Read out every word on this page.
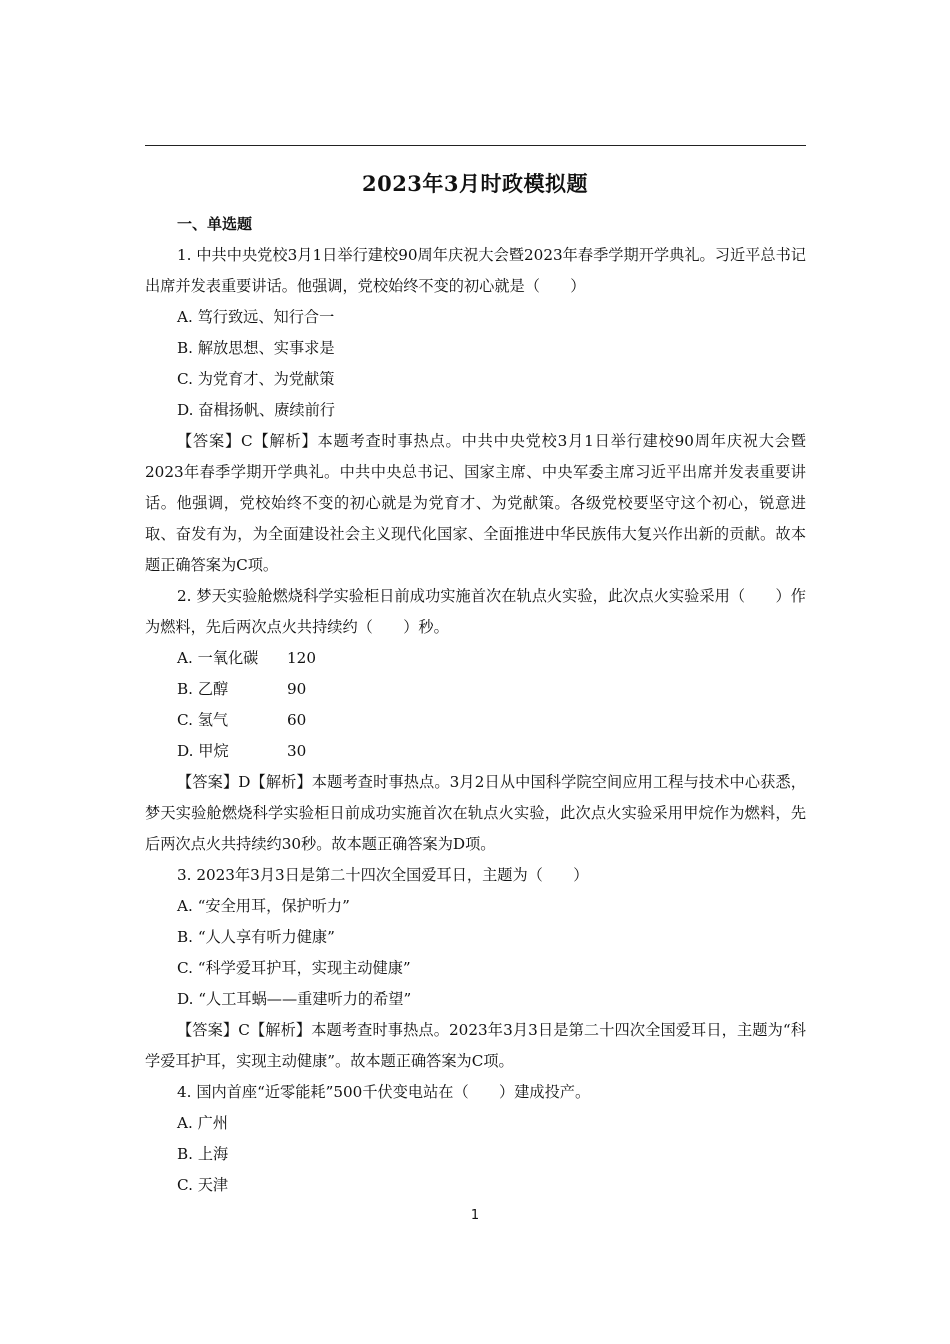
2023年3月时政模拟题

一、单选题

1. 中共中央党校3月1日举行建校90周年庆祝大会暨2023年春季学期开学典礼。习近平总书记出席并发表重要讲话。他强调，党校始终不变的初心就是（　　）

A. 笃行致远、知行合一

B. 解放思想、实事求是

C. 为党育才、为党献策

D. 奋楫扬帆、赓续前行

【答案】C【解析】本题考查时事热点。中共中央党校3月1日举行建校90周年庆祝大会暨2023年春季学期开学典礼。中共中央总书记、国家主席、中央军委主席习近平出席并发表重要讲话。他强调，党校始终不变的初心就是为党育才、为党献策。各级党校要坚守这个初心，锐意进取、奋发有为，为全面建设社会主义现代化国家、全面推进中华民族伟大复兴作出新的贡献。故本题正确答案为C项。

2. 梦天实验舱燃烧科学实验柜日前成功实施首次在轨点火实验，此次点火实验采用（　　）作为燃料，先后两次点火共持续约（　　）秒。

A. 一氧化碳 120

B. 乙醇	90

C. 氢气	60

D. 甲烷	30

【答案】D【解析】本题考查时事热点。3月2日从中国科学院空间应用工程与技术中心获悉，梦天实验舱燃烧科学实验柜日前成功实施首次在轨点火实验，此次点火实验采用甲烷作为燃料，先后两次点火共持续约30秒。故本题正确答案为D项。

3. 2023年3月3日是第二十四次全国爱耳日，主题为（　　）

A. “安全用耳，保护听力”

B. “人人享有听力健康”

C. “科学爱耳护耳，实现主动健康”

D. “人工耳蜗——重建听力的希望”

【答案】C【解析】本题考查时事热点。2023年3月3日是第二十四次全国爱耳日，主题为“科学爱耳护耳，实现主动健康”。故本题正确答案为C项。

4. 国内首座“近零能耗”500千伏变电站在（　　）建成投产。

A. 广州

B. 上海

C. 天津

1
